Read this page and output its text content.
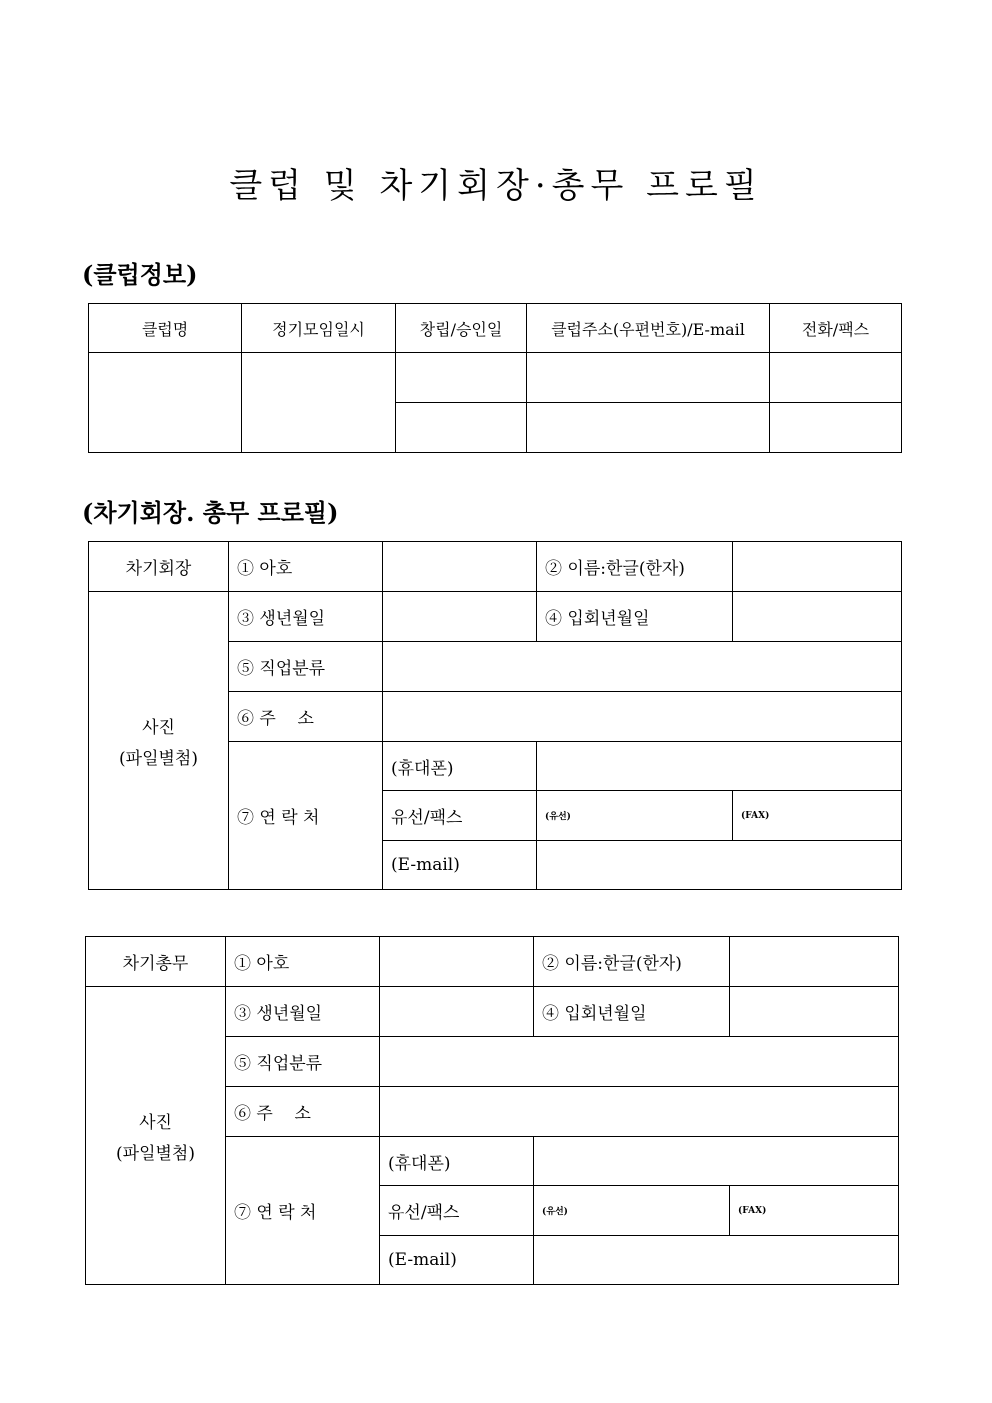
클럽 및 차기회장·총무 프로필
(클럽정보)
클럽명	정기모임일시	창립/승인일	클럽주소(우편번호)/E-mail	전화/팩스

(차기회장. 총무 프로필)
차기회장	① 아호		② 이름:한글(한자)	

사진
(파일별첨)	③ 생년월일		④ 입회년월일	
	⑤ 직업분류			
	⑥ 주    소			
	⑦ 연 락 처	(휴대폰)		
		유선/팩스	(유선)	(FAX)
		(E-mail)		
차기총무	① 아호		② 이름:한글(한자)	

사진
(파일별첨)	③ 생년월일		④ 입회년월일	
	⑤ 직업분류			
	⑥ 주    소			
	⑦ 연 락 처	(휴대폰)		
		유선/팩스	(유선)	(FAX)
		(E-mail)		
